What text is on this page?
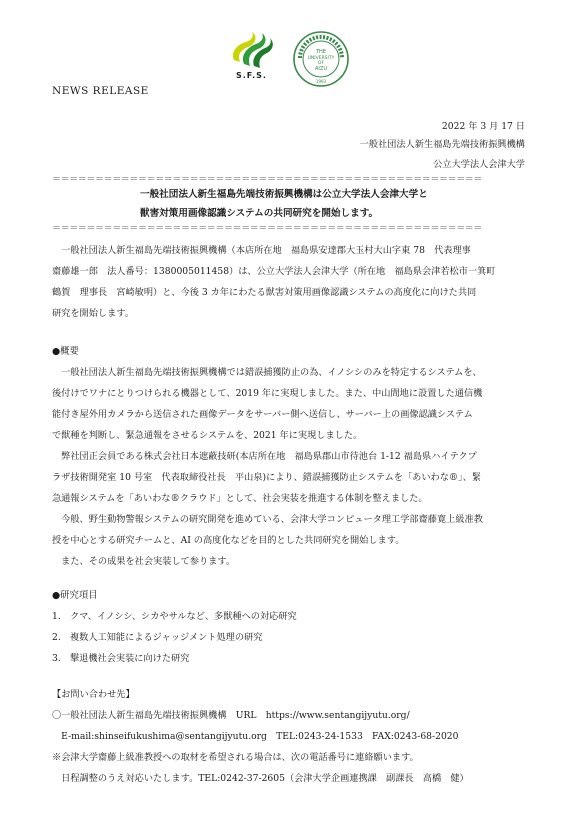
S.F.S.
THE
UNIVERSITY
OF
AIZU
1993
NEWS RELEASE
2022 年 3 月 17 日
一般社団法人新生福島先端技術振興機構
公立大学法人会津大学
＝＝＝＝＝＝＝＝＝＝＝＝＝＝＝＝＝＝＝＝＝＝＝＝＝＝＝＝＝＝＝＝＝＝＝＝＝＝＝＝＝＝＝＝＝＝＝＝＝＝
一般社団法人新生福島先端技術振興機構は公立大学法人会津大学と
獣害対策用画像認識システムの共同研究を開始します。
＝＝＝＝＝＝＝＝＝＝＝＝＝＝＝＝＝＝＝＝＝＝＝＝＝＝＝＝＝＝＝＝＝＝＝＝＝＝＝＝＝＝＝＝＝＝＝＝＝＝
　一般社団法人新生福島先端技術振興機構（本店所在地　福島県安達郡大玉村大山字東 78　代表理事
齋藤雄一郎　法人番号：1380005011458）は、公立大学法人会津大学（所在地　福島県会津若松市一箕町
鶴賀　理事長　宮崎敏明）と、今後 3 カ年にわたる獣害対策用画像認識システムの高度化に向けた共同
研究を開始します。
●概要
　一般社団法人新生福島先端技術振興機構では錯誤捕獲防止の為、イノシシのみを特定するシステムを、
後付けでワナにとりつけられる機器として、2019 年に実現しました。また、中山間地に設置した通信機
能付き屋外用カメラから送信された画像データをサーバー側へ送信し、サーバー上の画像認識システム
で獣種を判断し、緊急通報をさせるシステムを、2021 年に実現しました。
　弊社団正会員である株式会社日本遮蔽技研(本店所在地　福島県郡山市待池台 1-12 福島県ハイテクプ
ラザ技術開発室 10 号室　代表取締役社長　平山泉)により、錯誤捕獲防止システムを「あいわな®」、緊
急通報システムを「あいわな®クラウド」として、社会実装を推進する体制を整えました。
　今般、野生動物警報システムの研究開発を進めている、会津大学コンピュータ理工学部齋藤寛上級准教
授を中心とする研究チームと、AI の高度化などを目的とした共同研究を開始します。
　また、その成果を社会実装して参ります。
●研究項目
1.　クマ、イノシシ、シカやサルなど、多獣種への対応研究
2.　複数人工知能によるジャッジメント処理の研究
3.　撃退機社会実装に向けた研究
【お問い合わせ先】
〇一般社団法人新生福島先端技術振興機構　URL　https://www.sentangijyutu.org/
　E-mail:shinseifukushima@sentangijyutu.org　TEL:0243-24-1533　FAX:0243-68-2020
※会津大学齋藤上級准教授への取材を希望される場合は、次の電話番号に連絡願います。
　日程調整のうえ対応いたします。TEL:0242-37-2605（会津大学企画連携課　副課長　高橋　健）
